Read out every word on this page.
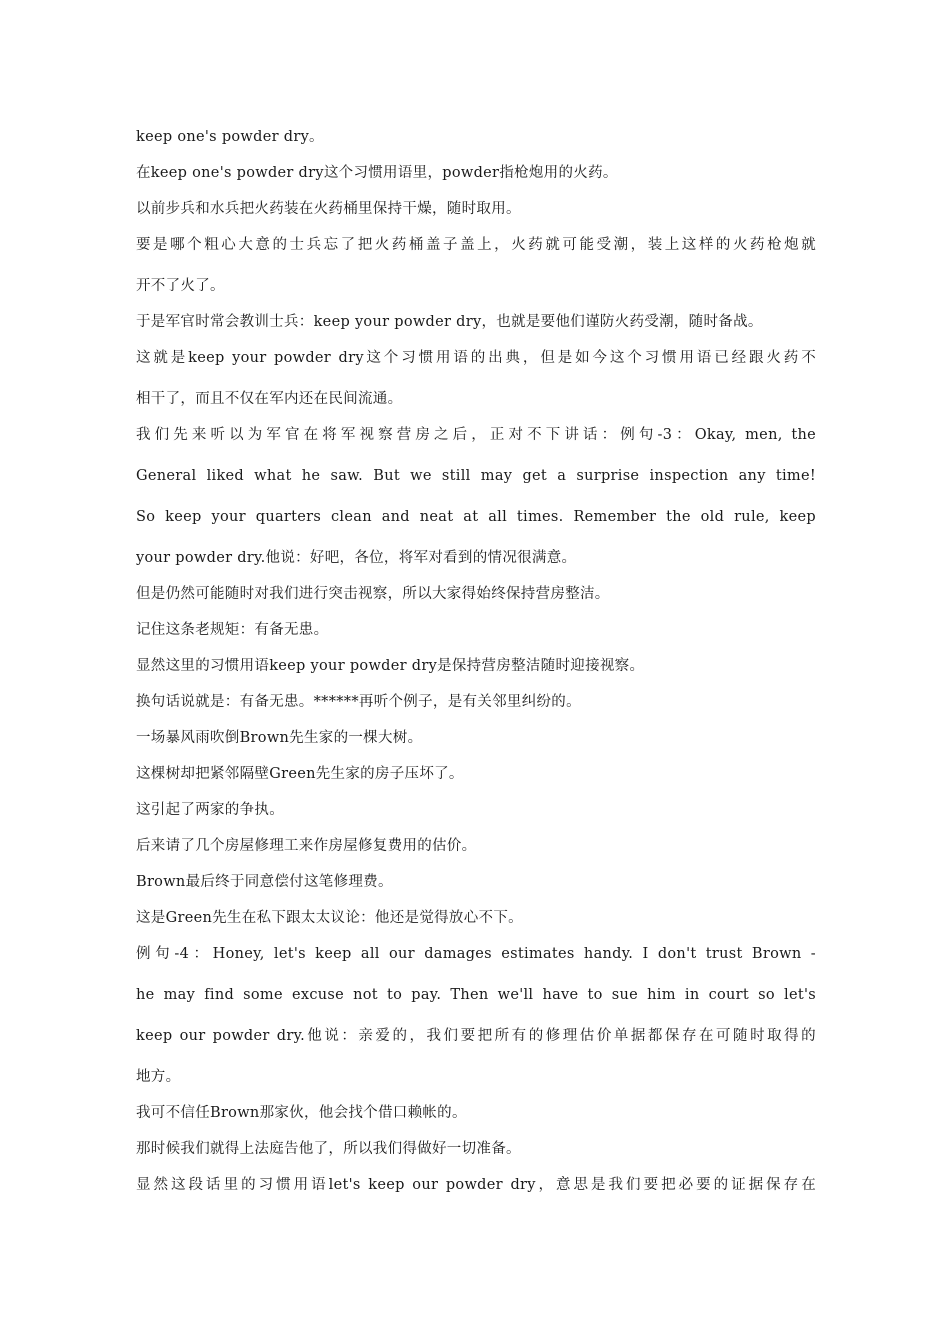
keep one's powder dry。
在keep one's powder dry这个习惯用语里，powder指枪炮用的火药。
以前步兵和水兵把火药装在火药桶里保持干燥，随时取用。
要是哪个粗心大意的士兵忘了把火药桶盖子盖上，火药就可能受潮，装上这样的火药枪炮就
开不了火了。
于是军官时常会教训士兵：keep your powder dry，也就是要他们谨防火药受潮，随时备战。
这就是keep your powder dry这个习惯用语的出典，但是如今这个习惯用语已经跟火药不
相干了，而且不仅在军内还在民间流通。
我们先来听以为军官在将军视察营房之后，正对不下讲话：例句-3：Okay, men, the
General liked what he saw. But we still may get a surprise inspection any time!
So keep your quarters clean and neat at all times. Remember the old rule, keep
your powder dry.他说：好吧，各位，将军对看到的情况很满意。
但是仍然可能随时对我们进行突击视察，所以大家得始终保持营房整洁。
记住这条老规矩：有备无患。
显然这里的习惯用语keep your powder dry是保持营房整洁随时迎接视察。
换句话说就是：有备无患。******再听个例子，是有关邻里纠纷的。
一场暴风雨吹倒Brown先生家的一棵大树。
这棵树却把紧邻隔壁Green先生家的房子压坏了。
这引起了两家的争执。
后来请了几个房屋修理工来作房屋修复费用的估价。
Brown最后终于同意偿付这笔修理费。
这是Green先生在私下跟太太议论：他还是觉得放心不下。
例句-4：Honey, let's keep all our damages estimates handy. I don't trust Brown -
he may find some excuse not to pay. Then we'll have to sue him in court so let's
keep our powder dry.他说：亲爱的，我们要把所有的修理估价单据都保存在可随时取得的
地方。
我可不信任Brown那家伙，他会找个借口赖帐的。
那时候我们就得上法庭告他了，所以我们得做好一切准备。
显然这段话里的习惯用语let's keep our powder dry，意思是我们要把必要的证据保存在
